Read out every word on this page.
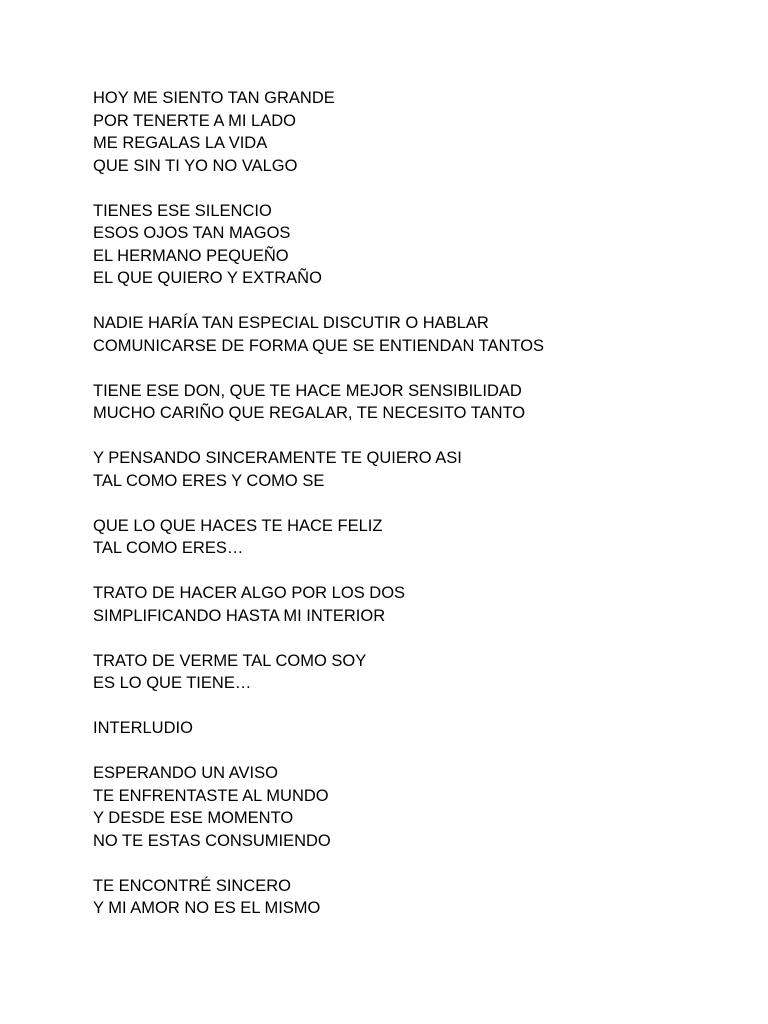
HOY ME SIENTO TAN GRANDE
POR TENERTE A MI LADO
ME REGALAS LA VIDA
QUE SIN TI YO NO VALGO
TIENES ESE SILENCIO
ESOS OJOS TAN MAGOS
EL HERMANO PEQUEÑO
EL QUE QUIERO Y EXTRAÑO
NADIE HARÍA TAN ESPECIAL DISCUTIR O HABLAR
COMUNICARSE DE FORMA QUE SE ENTIENDAN TANTOS
TIENE ESE DON, QUE TE HACE MEJOR SENSIBILIDAD
MUCHO CARIÑO QUE REGALAR, TE NECESITO TANTO
Y PENSANDO SINCERAMENTE TE QUIERO ASI
TAL COMO ERES Y COMO SE
QUE LO QUE HACES TE HACE FELIZ
TAL COMO ERES…
TRATO DE HACER ALGO POR LOS DOS
SIMPLIFICANDO HASTA MI INTERIOR
TRATO DE VERME TAL COMO SOY
ES LO QUE TIENE…
INTERLUDIO
ESPERANDO UN AVISO
TE ENFRENTASTE AL MUNDO
Y DESDE ESE MOMENTO
NO TE ESTAS CONSUMIENDO
TE ENCONTRÉ SINCERO
Y MI AMOR NO ES EL MISMO
